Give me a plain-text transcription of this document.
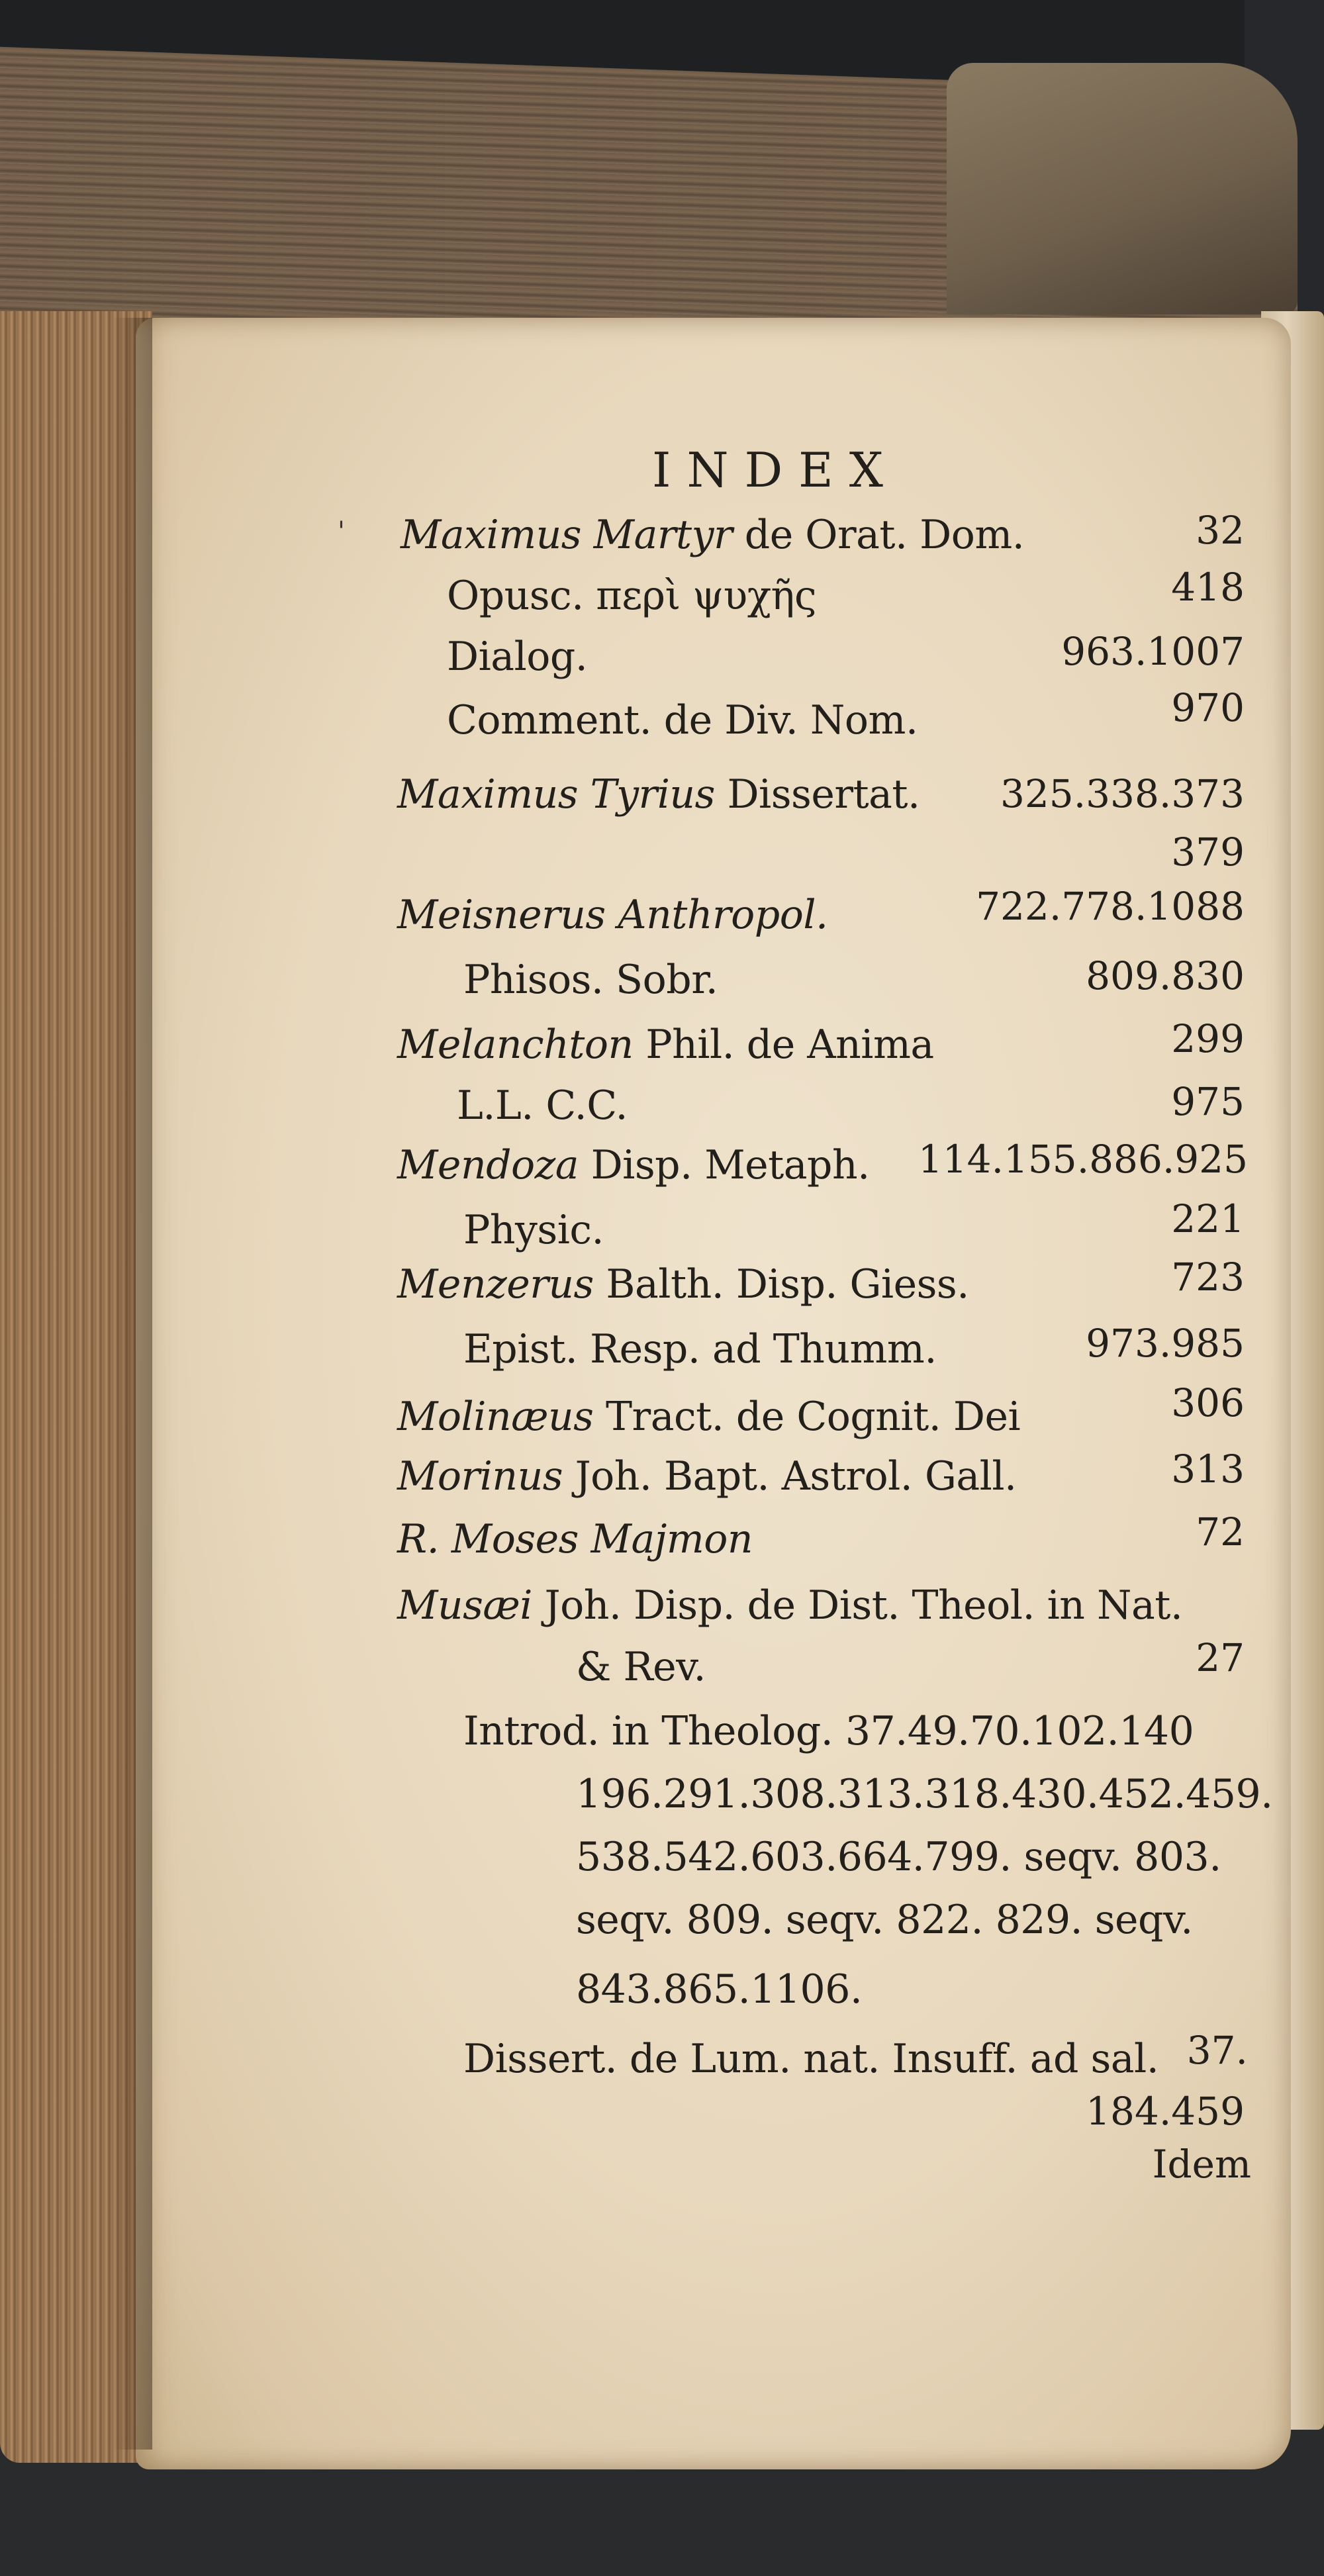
INDEX
' Maximus Martyr de Orat. Dom.	32
Opusc. περὶ ψυχῆς	418
Dialog.	963.1007
Comment. de Div. Nom.	970
Maximus Tyrius Dissertat. 325.338.373
379
Meisnerus Anthropol.	722.778.1088
Phisos. Sobr.	809.830
Melanchton Phil. de Anima	299
L.L. C.C.	975
Mendoza Disp. Metaph. 114.155.886.925
Physic.	221
Menzerus Balth. Disp. Giess.	723
Epist. Resp. ad Thumm.	973.985
Molinæus Tract. de Cognit. Dei	306
Morinus Joh. Bapt. Astrol. Gall.	313
R. Moses Majmon	72
Musæi Joh. Disp. de Dist. Theol. in Nat.
& Rev.	27
Introd. in Theolog. 37.49.70.102.140
196.291.308.313.318.430.452.459.
538.542.603.664.799. seqv. 803.
seqv. 809. seqv. 822. 829. seqv.
843.865.1106.
Dissert. de Lum. nat. Insuff. ad sal. 37.
184.459
Idem
